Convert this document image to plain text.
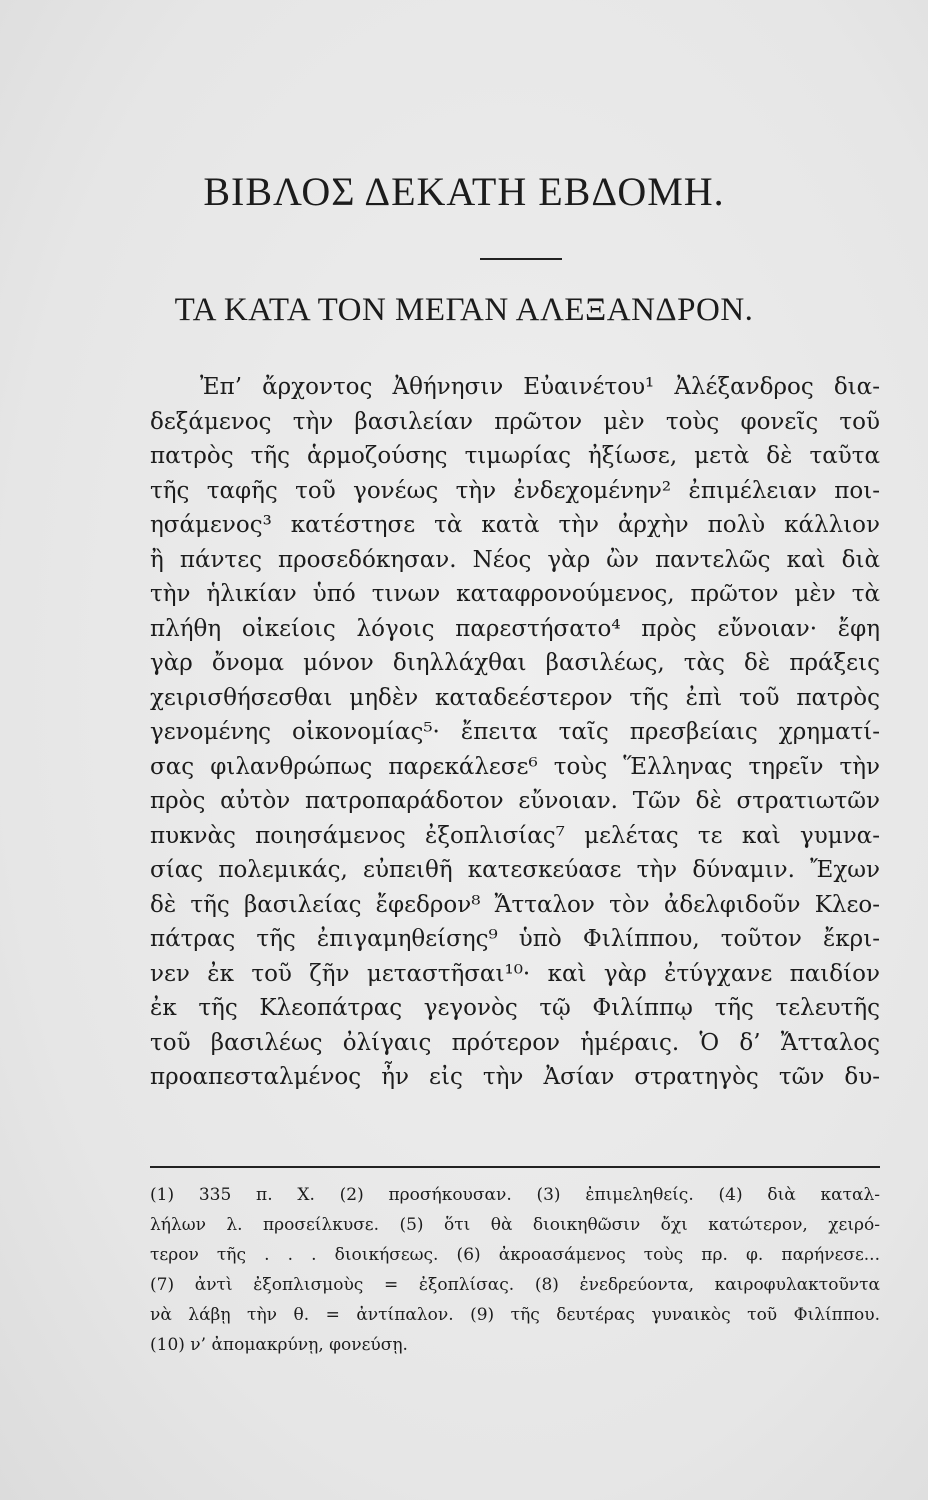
ΒΙΒΛΟΣ ΔΕΚΑΤΗ ΕΒΔΟΜΗ.
ΤΑ ΚΑΤΑ ΤΟΝ ΜΕΓΑΝ ΑΛΕΞΑΝΔΡΟΝ.
Ἐπ’ ἄρχοντος Ἀθήνησιν Εὐαινέτου¹ Ἀλέξανδρος δια-
δεξάμενος τὴν βασιλείαν πρῶτον μὲν τοὺς φονεῖς τοῦ
πατρὸς τῆς ἁρμοζούσης τιμωρίας ἠξίωσε, μετὰ δὲ ταῦτα
τῆς ταφῆς τοῦ γονέως τὴν ἐνδεχομένην² ἐπιμέλειαν ποι-
ησάμενος³ κατέστησε τὰ κατὰ τὴν ἀρχὴν πολὺ κάλλιον
ἢ πάντες προσεδόκησαν. Νέος γὰρ ὢν παντελῶς καὶ διὰ
τὴν ἡλικίαν ὑπό τινων καταφρονούμενος, πρῶτον μὲν τὰ
πλήθη οἰκείοις λόγοις παρεστήσατο⁴ πρὸς εὔνοιαν· ἔφη
γὰρ ὄνομα μόνον διηλλάχθαι βασιλέως, τὰς δὲ πράξεις
χειρισθήσεσθαι μηδὲν καταδεέστερον τῆς ἐπὶ τοῦ πατρὸς
γενομένης οἰκονομίας⁵· ἔπειτα ταῖς πρεσβείαις χρηματί-
σας φιλανθρώπως παρεκάλεσε⁶ τοὺς Ἕλληνας τηρεῖν τὴν
πρὸς αὐτὸν πατροπαράδοτον εὔνοιαν. Τῶν δὲ στρατιωτῶν
πυκνὰς ποιησάμενος ἐξοπλισίας⁷ μελέτας τε καὶ γυμνα-
σίας πολεμικάς, εὐπειθῆ κατεσκεύασε τὴν δύναμιν. Ἔχων
δὲ τῆς βασιλείας ἔφεδρον⁸ Ἄτταλον τὸν ἀδελφιδοῦν Κλεο-
πάτρας τῆς ἐπιγαμηθείσης⁹ ὑπὸ Φιλίππου, τοῦτον ἔκρι-
νεν ἐκ τοῦ ζῆν μεταστῆσαι¹⁰· καὶ γὰρ ἐτύγχανε παιδίον
ἐκ τῆς Κλεοπάτρας γεγονὸς τῷ Φιλίππῳ τῆς τελευτῆς
τοῦ βασιλέως ὀλίγαις πρότερον ἡμέραις. Ὁ δ’ Ἄτταλος
προαπεσταλμένος ἦν εἰς τὴν Ἀσίαν στρατηγὸς τῶν δυ-
(1) 335 π. Χ. (2) προσήκουσαν. (3) ἐπιμεληθείς. (4) διὰ καταλ-
λήλων λ. προσείλκυσε. (5) ὅτι θὰ διοικηθῶσιν ὄχι κατώτερον, χειρό-
τερον τῆς . . . διοικήσεως. (6) ἀκροασάμενος τοὺς πρ. φ. παρήνεσε...
(7) ἀντὶ ἐξοπλισμοὺς = ἐξοπλίσας. (8) ἐνεδρεύοντα, καιροφυλακτοῦντα
νὰ λάβῃ τὴν θ. = ἀντίπαλον. (9) τῆς δευτέρας γυναικὸς τοῦ Φιλίππου.
(10) ν’ ἀπομακρύνῃ, φονεύσῃ.
